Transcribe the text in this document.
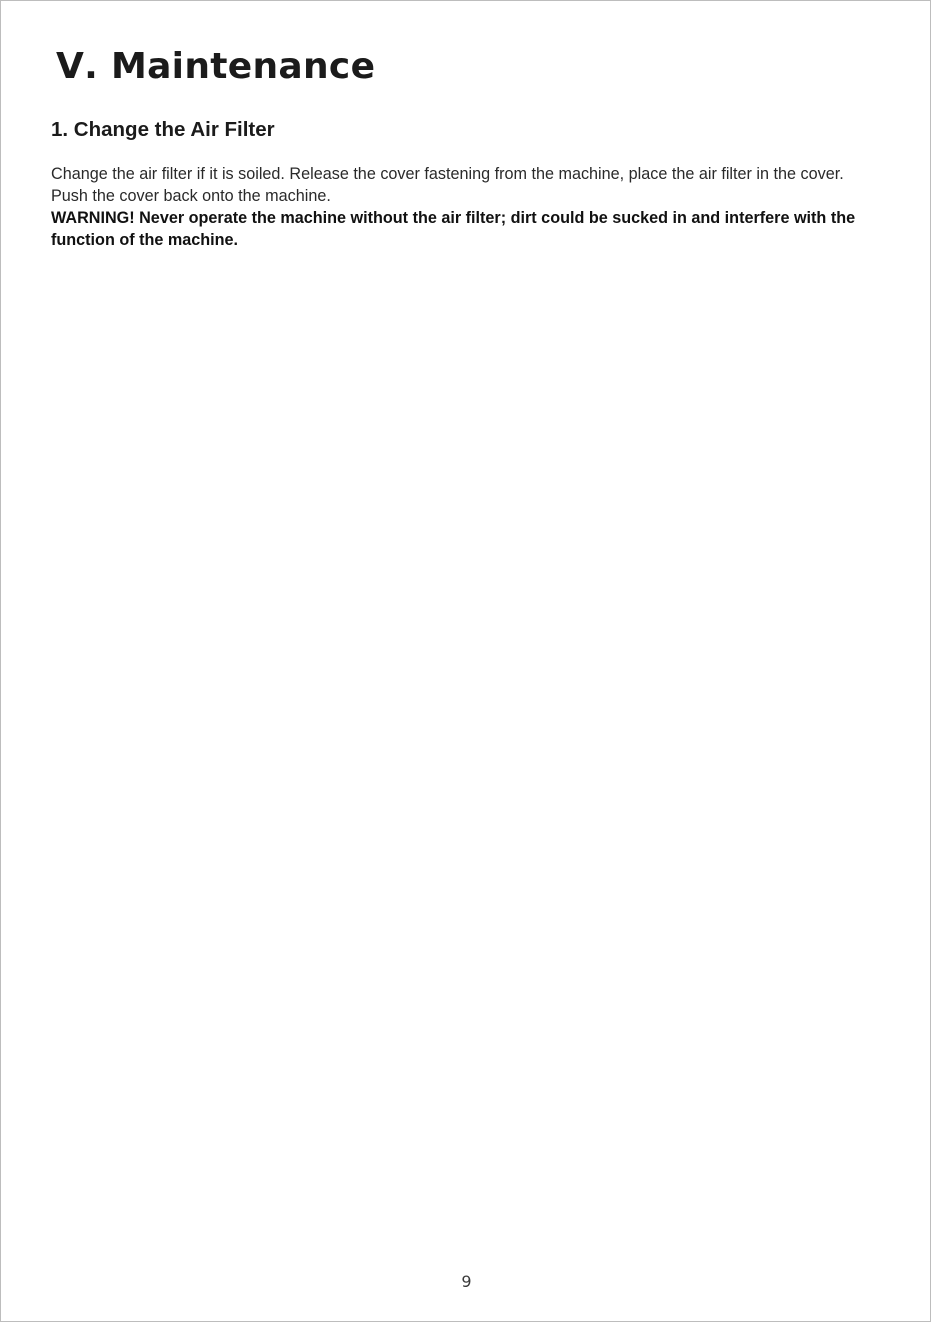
Ⅴ. Maintenance
1. Change the Air Filter

Change the air filter if it is soiled. Release the cover fastening from the machine, place the air filter in the cover. Push the cover back onto the machine.

WARNING! Never operate the machine without the air filter; dirt could be sucked in and interfere with the function of the machine.

9
